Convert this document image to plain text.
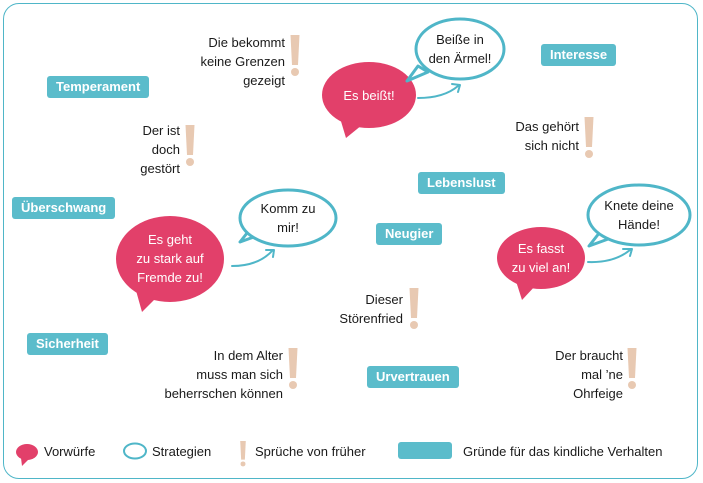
Temperament
Überschwang
Sicherheit
Interesse
Lebenslust
Neugier
Urvertrauen
Die bekommt
keine Grenzen
gezeigt
Der ist
doch
gestört
Das gehört
sich nicht
Dieser
Störenfried
In dem Alter
muss man sich
beherrschen können
Der braucht
mal ’ne
Ohrfeige
Es beißt!
Es geht
zu stark auf
Fremde zu!
Es fasst
zu viel an!
Beiße in
den Ärmel!
Komm zu
mir!
Knete deine
Hände!
Vorwürfe	Strategien	Sprüche von früher	Gründe für das kindliche Verhalten
